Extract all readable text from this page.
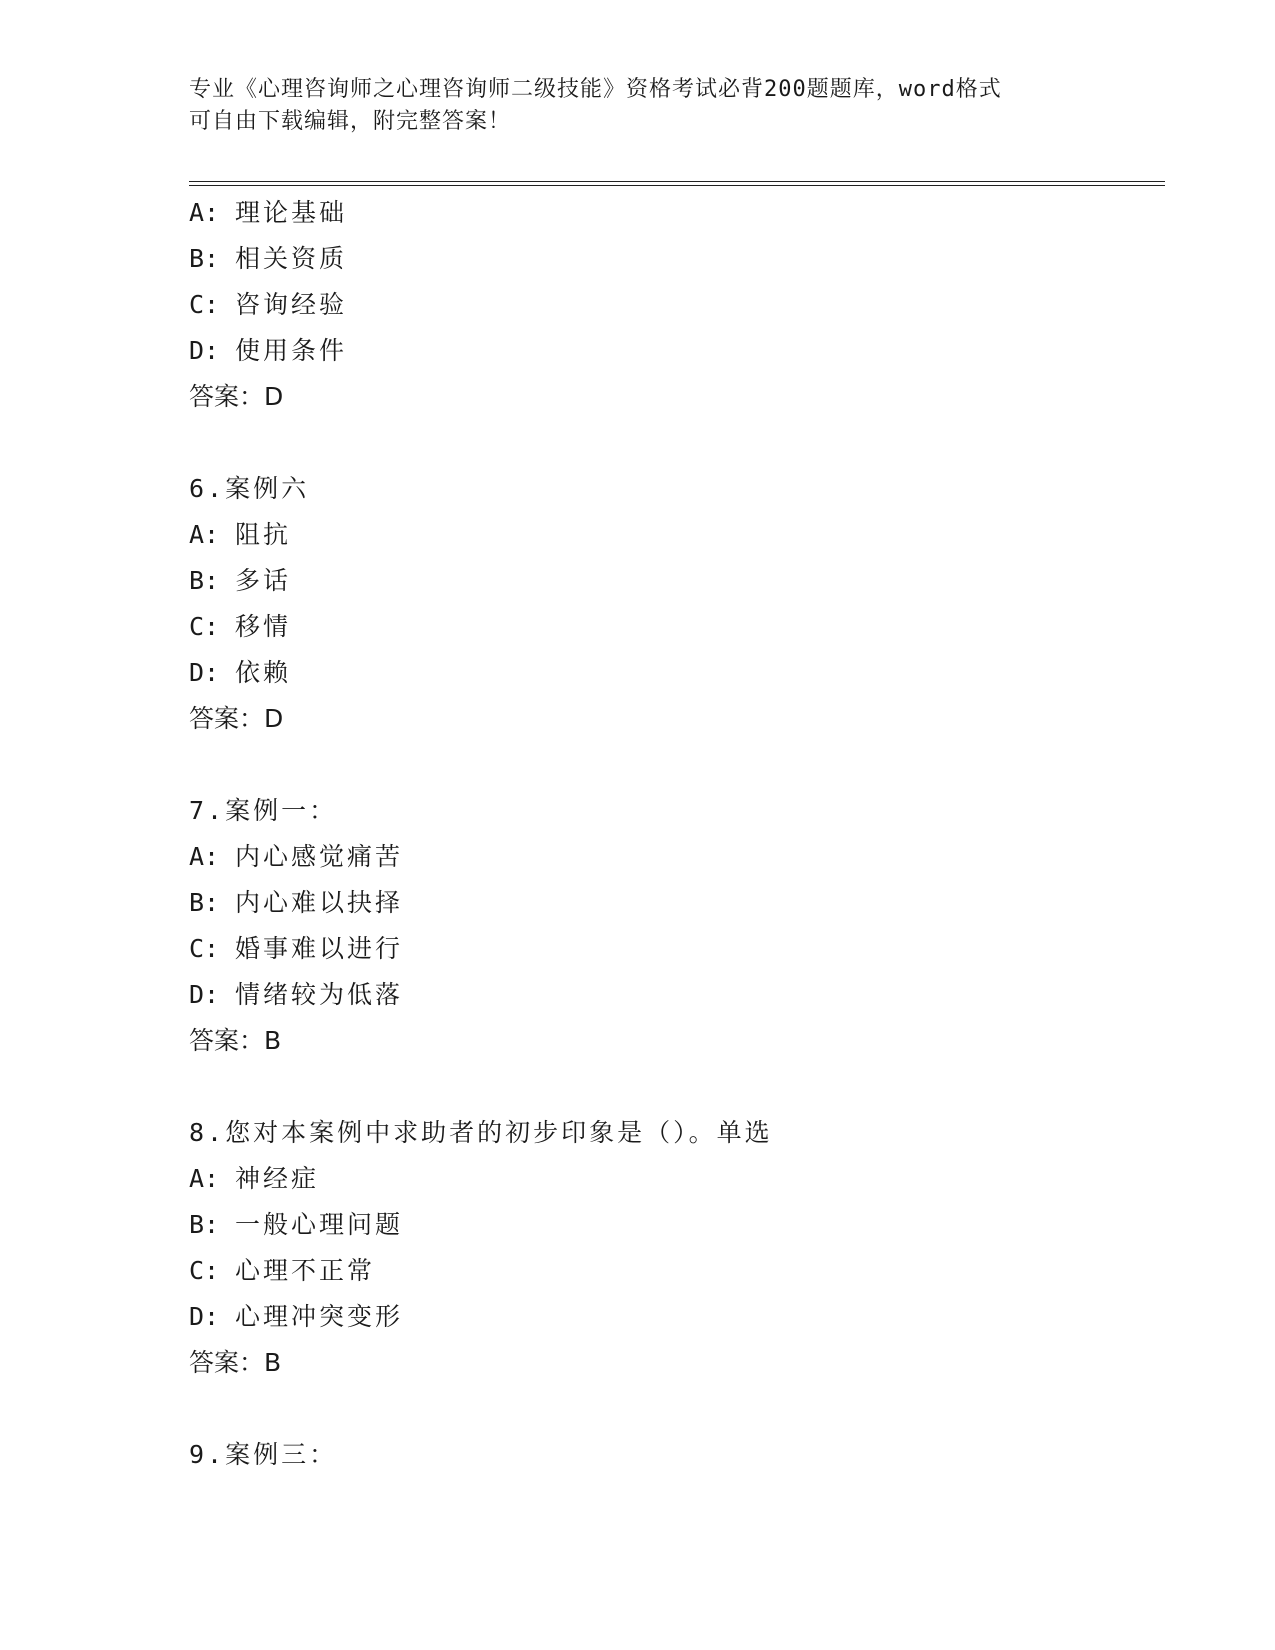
专业《心理咨询师之心理咨询师二级技能》资格考试必背200题题库，word格式
可自由下载编辑，附完整答案！
A: 理论基础
B: 相关资质
C: 咨询经验
D: 使用条件
答案：D
6.案例六
A: 阻抗
B: 多话
C: 移情
D: 依赖
答案：D
7.案例一：
A: 内心感觉痛苦
B: 内心难以抉择
C: 婚事难以进行
D: 情绪较为低落
答案：B
8.您对本案例中求助者的初步印象是（）。单选
A: 神经症
B: 一般心理问题
C: 心理不正常
D: 心理冲突变形
答案：B
9.案例三：
